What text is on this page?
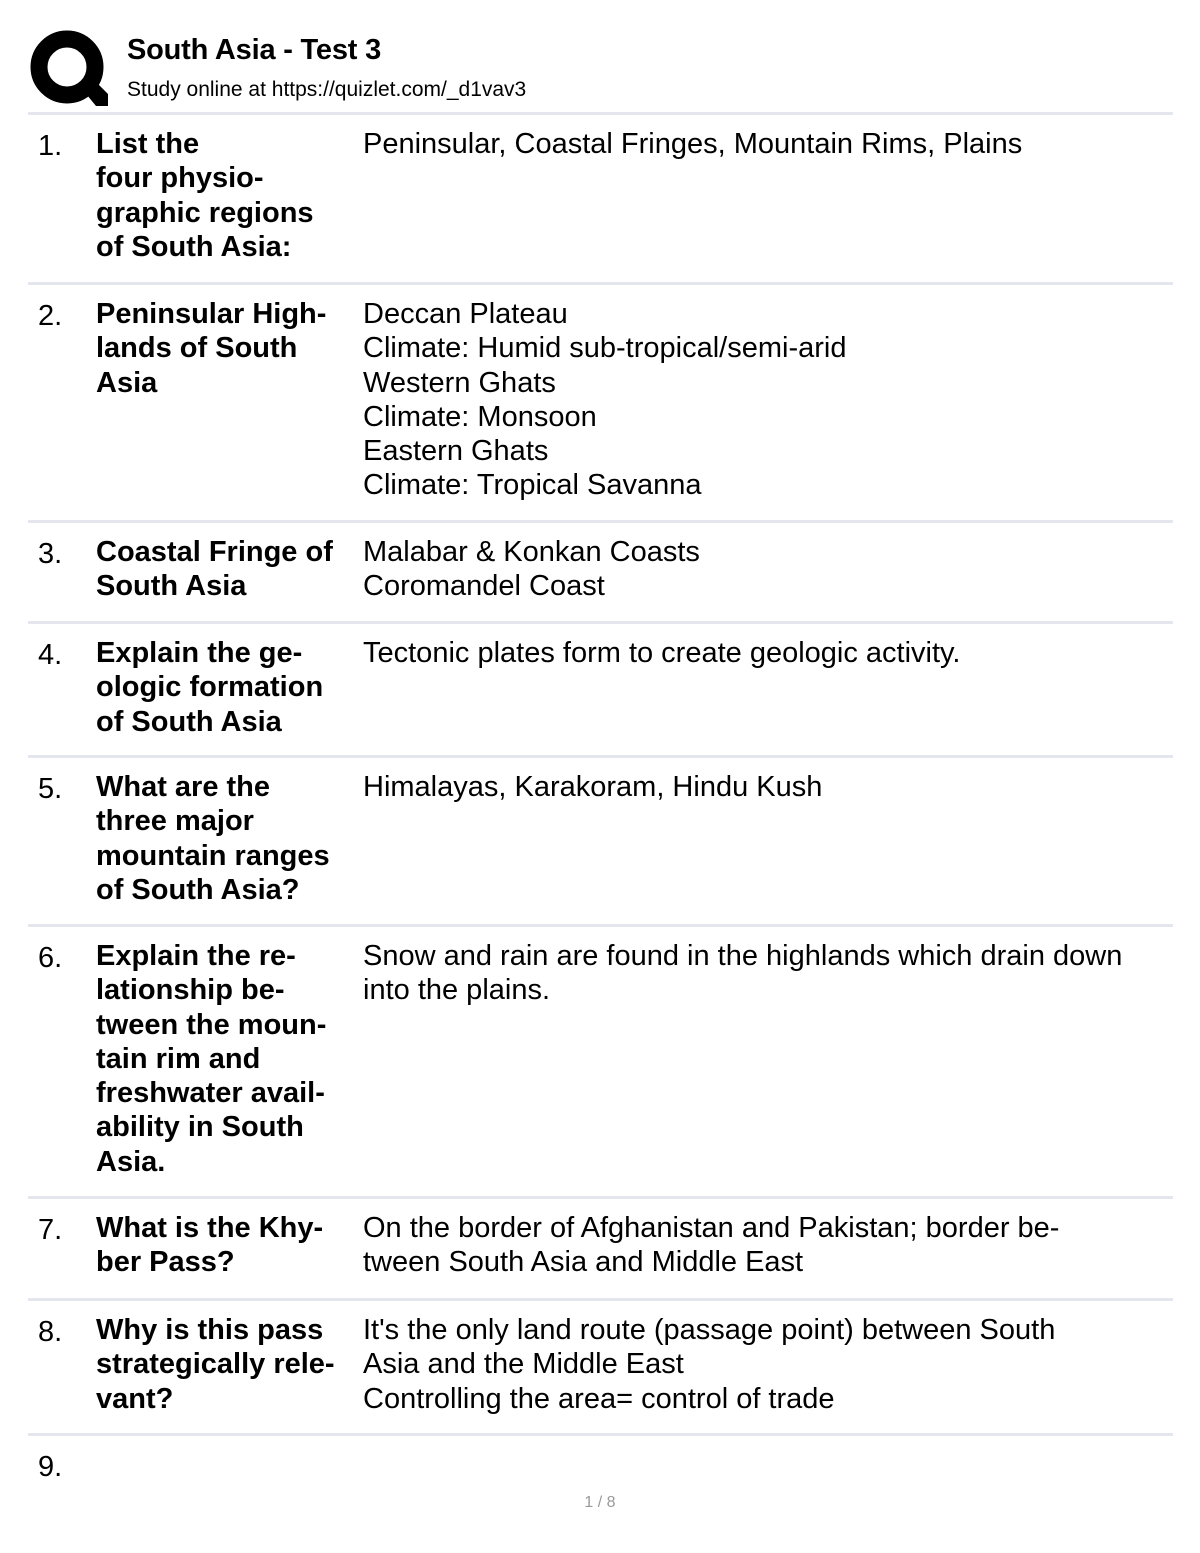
South Asia - Test 3
Study online at https://quizlet.com/_d1vav3
1. List the
four physio-
graphic regions
of South Asia:
Peninsular, Coastal Fringes, Mountain Rims, Plains
2. Peninsular High-
lands of South
Asia
Deccan Plateau
Climate: Humid sub-tropical/semi-arid
Western Ghats
Climate: Monsoon
Eastern Ghats
Climate: Tropical Savanna
3. Coastal Fringe of
South Asia
Malabar & Konkan Coasts
Coromandel Coast
4. Explain the ge-
ologic formation
of South Asia
Tectonic plates form to create geologic activity.
5. What are the
three major
mountain ranges
of South Asia?
Himalayas, Karakoram, Hindu Kush
6. Explain the re-
lationship be-
tween the moun-
tain rim and
freshwater avail-
ability in South
Asia.
Snow and rain are found in the highlands which drain down
into the plains.
7. What is the Khy-
ber Pass?
On the border of Afghanistan and Pakistan; border be-
tween South Asia and Middle East
8. Why is this pass
strategically rele-
vant?
It's the only land route (passage point) between South
Asia and the Middle East
Controlling the area= control of trade
9.
1 / 8
